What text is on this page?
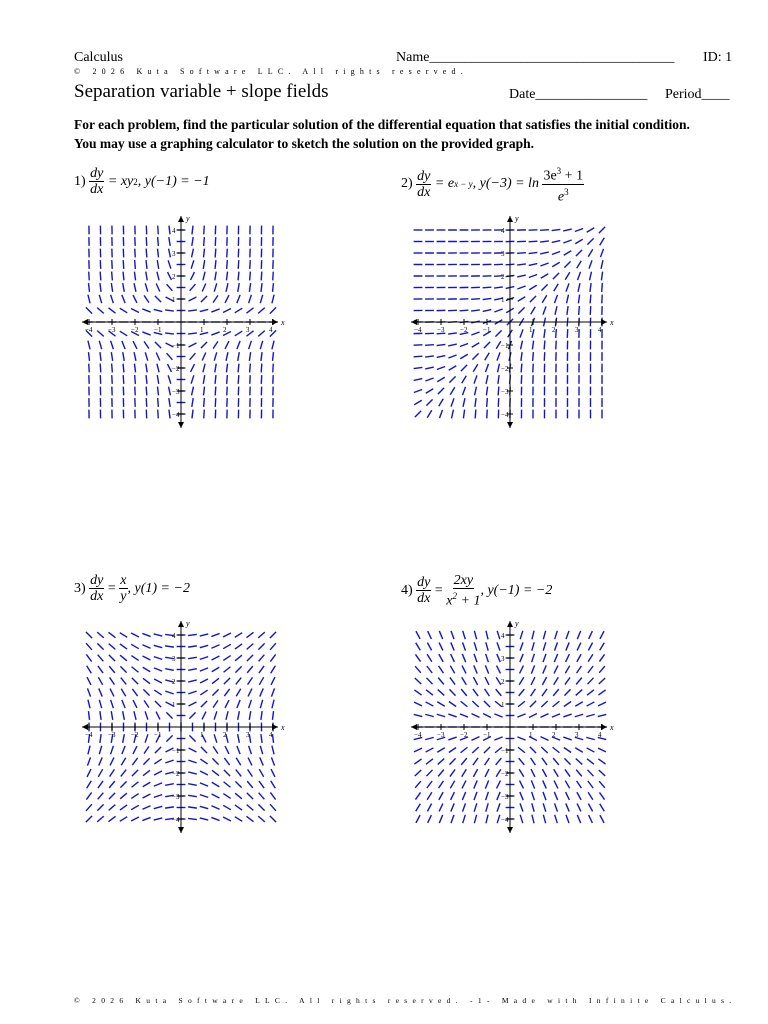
Calculus	Name___________________________________ ID: 1
© 2026 Kuta Software LLC. All rights reserved.
Separation variable + slope fields	Date________________ Period____
For each problem, find the particular solution of the differential equation that satisfies the initial condition. You may use a graphing calculator to sketch the solution on the provided graph.
1)
$\frac{dy}{dx}$
= xy 2 , y(−1) = −1	2)
$\frac{dy}{dx}$
= e x − y , y(−3) = ln
$\frac{3e^3 + 1}{e^3}$
3)
$\frac{dy}{dx}$
=
$\frac{x}{y}$ , y(1) = −2	4)
$\frac{dy}{dx}$
=
$\frac{2xy}{x^2 + 1}$ , y(−1) = −2
−4 −3 −2 −1	1	2	3	4
4
3
2
1
−1
−2
−3
−4
x
y
−4 −3 −2 −1	1	2	3	4
4
3
2
1
−1
−2
−3
−4
x
y
−4 −3 −2 −1	1	2	3	4
4
3
2
1
−1
−2
−3
−4
x
y
−4 −3 −2 −1	1	2	3	4
4
3
2
1
−1
−2
−3
−4
x
y
© 2026 Kuta Software LLC. All rights reserved. -1- Made with Infinite Calculus.
